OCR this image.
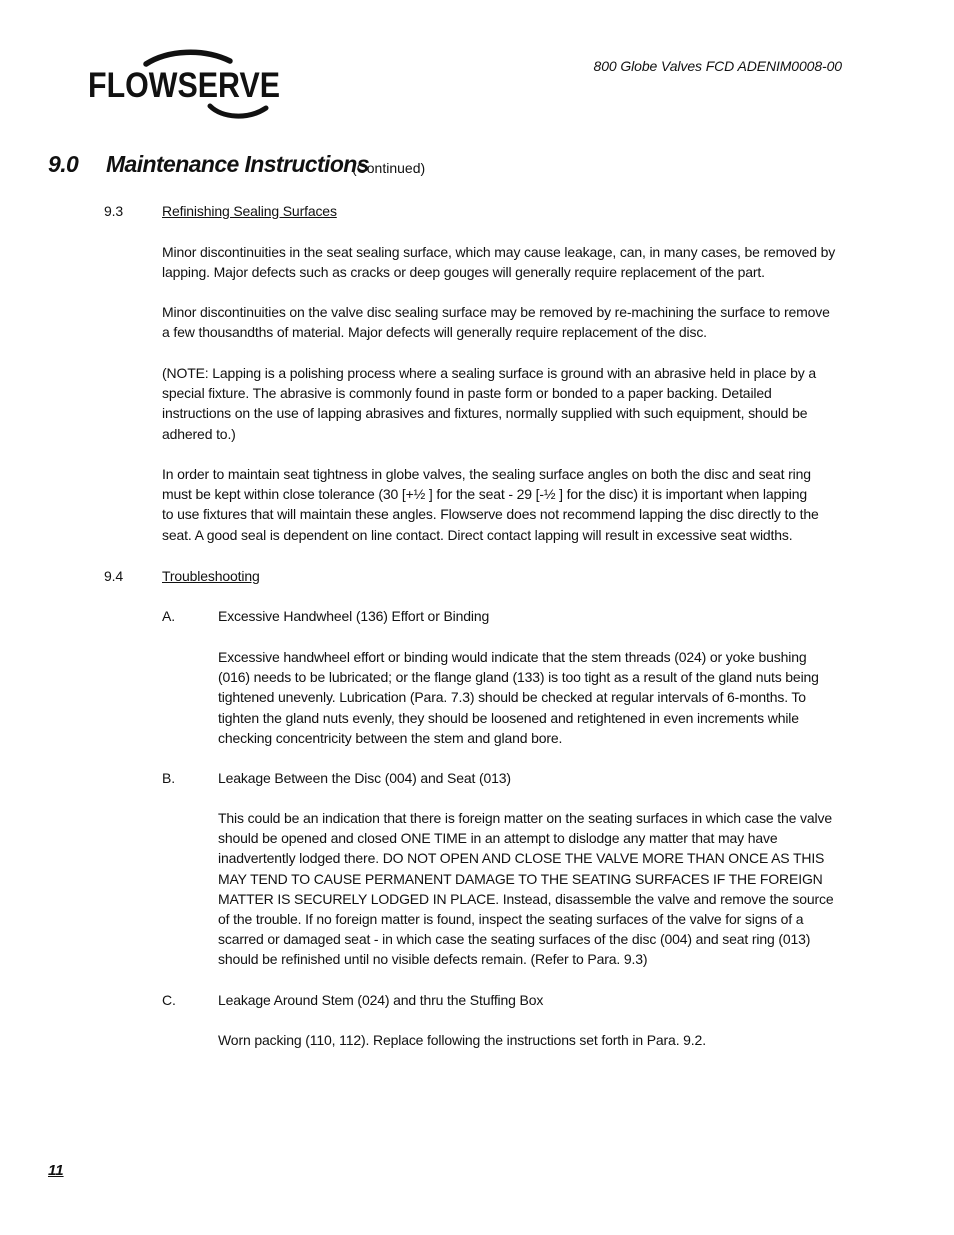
FLOWSERVE	800 Globe Valves FCD ADENIM0008-00
9.0 Maintenance Instructions
(Continued)
9.3	Refinishing Sealing Surfaces
Minor discontinuities in the seat sealing surface, which may cause leakage, can, in many cases, be removed by
lapping. Major defects such as cracks or deep gouges will generally require replacement of the part.
Minor discontinuities on the valve disc sealing surface may be removed by re-machining the surface to remove
a few thousandths of material. Major defects will generally require replacement of the disc.
(NOTE: Lapping is a polishing process where a sealing surface is ground with an abrasive held in place by a
special fixture. The abrasive is commonly found in paste form or bonded to a paper backing. Detailed
instructions on the use of lapping abrasives and fixtures, normally supplied with such equipment, should be
adhered to.)
In order to maintain seat tightness in globe valves, the sealing surface angles on both the disc and seat ring
must be kept within close tolerance (30 [+½ ] for the seat - 29 [-½ ] for the disc) it is important when lapping
to use fixtures that will maintain these angles. Flowserve does not recommend lapping the disc directly to the
seat. A good seal is dependent on line contact. Direct contact lapping will result in excessive seat widths.
9.4	Troubleshooting
A.	Excessive Handwheel (136) Effort or Binding
Excessive handwheel effort or binding would indicate that the stem threads (024) or yoke bushing
(016) needs to be lubricated; or the flange gland (133) is too tight as a result of the gland nuts being
tightened unevenly. Lubrication (Para. 7.3) should be checked at regular intervals of 6-months. To
tighten the gland nuts evenly, they should be loosened and retightened in even increments while
checking concentricity between the stem and gland bore.
B.	Leakage Between the Disc (004) and Seat (013)
This could be an indication that there is foreign matter on the seating surfaces in which case the valve
should be opened and closed ONE TIME in an attempt to dislodge any matter that may have
inadvertently lodged there. DO NOT OPEN AND CLOSE THE VALVE MORE THAN ONCE AS THIS
MAY TEND TO CAUSE PERMANENT DAMAGE TO THE SEATING SURFACES IF THE FOREIGN
MATTER IS SECURELY LODGED IN PLACE. Instead, disassemble the valve and remove the source
of the trouble. If no foreign matter is found, inspect the seating surfaces of the valve for signs of a
scarred or damaged seat - in which case the seating surfaces of the disc (004) and seat ring (013)
should be refinished until no visible defects remain. (Refer to Para. 9.3)
C.	Leakage Around Stem (024) and thru the Stuffing Box
Worn packing (110, 112). Replace following the instructions set forth in Para. 9.2.
11
